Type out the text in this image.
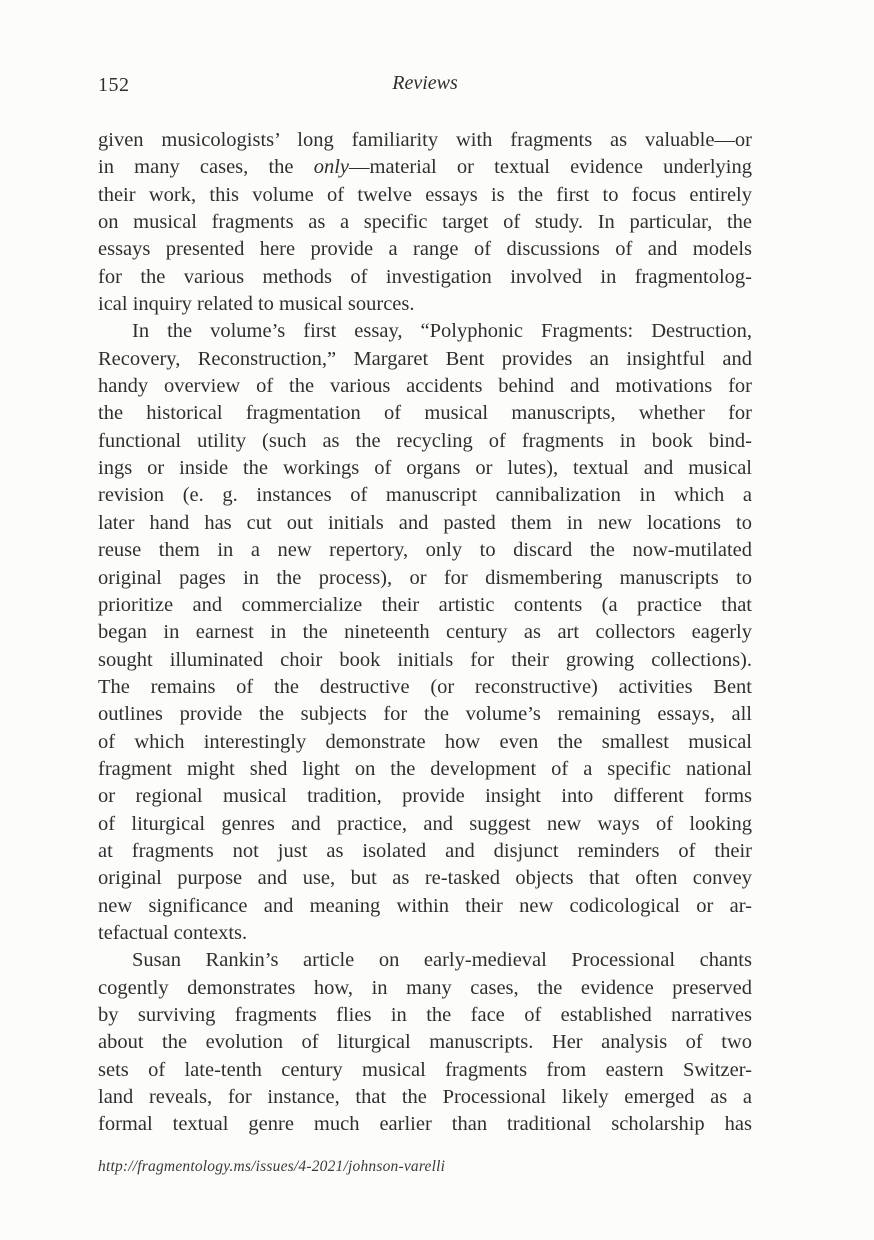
152	Reviews
given musicologists’ long familiarity with fragments as valuable—or
in many cases, the only—material or textual evidence underlying
their work, this volume of twelve essays is the first to focus entirely
on musical fragments as a specific target of study. In particular, the
essays presented here provide a range of discussions of and models
for the various methods of investigation involved in fragmentolog-
ical inquiry related to musical sources.
In the volume’s first essay, “Polyphonic Fragments: Destruction,
Recovery, Reconstruction,” Margaret Bent provides an insightful and
handy overview of the various accidents behind and motivations for
the historical fragmentation of musical manuscripts, whether for
functional utility (such as the recycling of fragments in book bind-
ings or inside the workings of organs or lutes), textual and musical
revision (e. g. instances of manuscript cannibalization in which a
later hand has cut out initials and pasted them in new locations to
reuse them in a new repertory, only to discard the now-mutilated
original pages in the process), or for dismembering manuscripts to
prioritize and commercialize their artistic contents (a practice that
began in earnest in the nineteenth century as art collectors eagerly
sought illuminated choir book initials for their growing collections).
The remains of the destructive (or reconstructive) activities Bent
outlines provide the subjects for the volume’s remaining essays, all
of which interestingly demonstrate how even the smallest musical
fragment might shed light on the development of a specific national
or regional musical tradition, provide insight into different forms
of liturgical genres and practice, and suggest new ways of looking
at fragments not just as isolated and disjunct reminders of their
original purpose and use, but as re-tasked objects that often convey
new significance and meaning within their new codicological or ar-
tefactual contexts.
Susan Rankin’s article on early-medieval Processional chants
cogently demonstrates how, in many cases, the evidence preserved
by surviving fragments flies in the face of established narratives
about the evolution of liturgical manuscripts. Her analysis of two
sets of late-tenth century musical fragments from eastern Switzer-
land reveals, for instance, that the Processional likely emerged as a
formal textual genre much earlier than traditional scholarship has
http://fragmentology.ms/issues/4-2021/johnson-varelli
